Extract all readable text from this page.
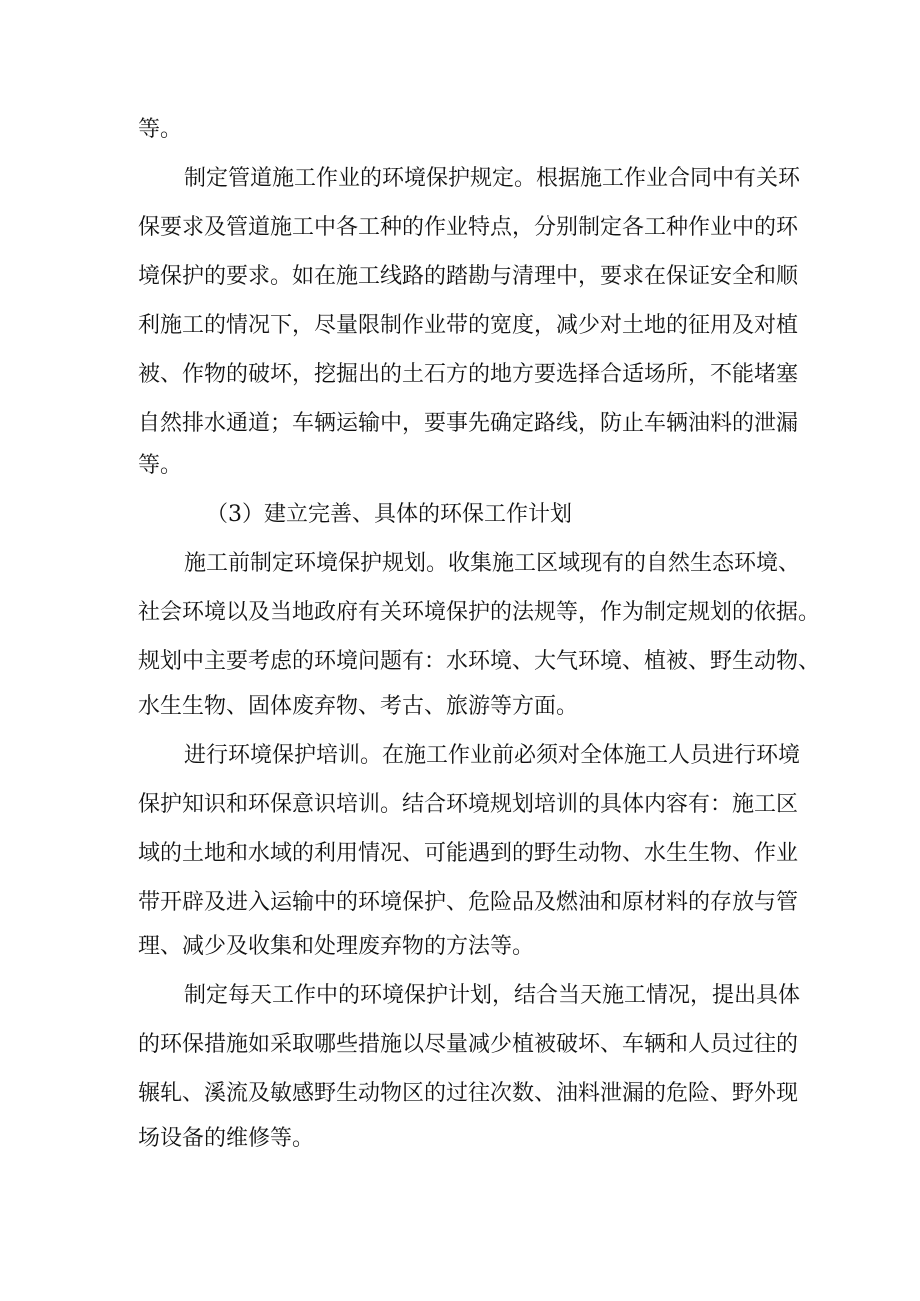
等。
制定管道施工作业的环境保护规定。根据施工作业合同中有关环
保要求及管道施工中各工种的作业特点，分别制定各工种作业中的环
境保护的要求。如在施工线路的踏勘与清理中，要求在保证安全和顺
利施工的情况下，尽量限制作业带的宽度，减少对土地的征用及对植
被、作物的破坏，挖掘出的土石方的地方要选择合适场所，不能堵塞
自然排水通道；车辆运输中，要事先确定路线，防止车辆油料的泄漏
等。
（3）建立完善、具体的环保工作计划
施工前制定环境保护规划。收集施工区域现有的自然生态环境、
社会环境以及当地政府有关环境保护的法规等，作为制定规划的依据。
规划中主要考虑的环境问题有：水环境、大气环境、植被、野生动物、
水生生物、固体废弃物、考古、旅游等方面。
进行环境保护培训。在施工作业前必须对全体施工人员进行环境
保护知识和环保意识培训。结合环境规划培训的具体内容有：施工区
域的土地和水域的利用情况、可能遇到的野生动物、水生生物、作业
带开辟及进入运输中的环境保护、危险品及燃油和原材料的存放与管
理、减少及收集和处理废弃物的方法等。
制定每天工作中的环境保护计划，结合当天施工情况，提出具体
的环保措施如采取哪些措施以尽量减少植被破坏、车辆和人员过往的
辗轧、溪流及敏感野生动物区的过往次数、油料泄漏的危险、野外现
场设备的维修等。
